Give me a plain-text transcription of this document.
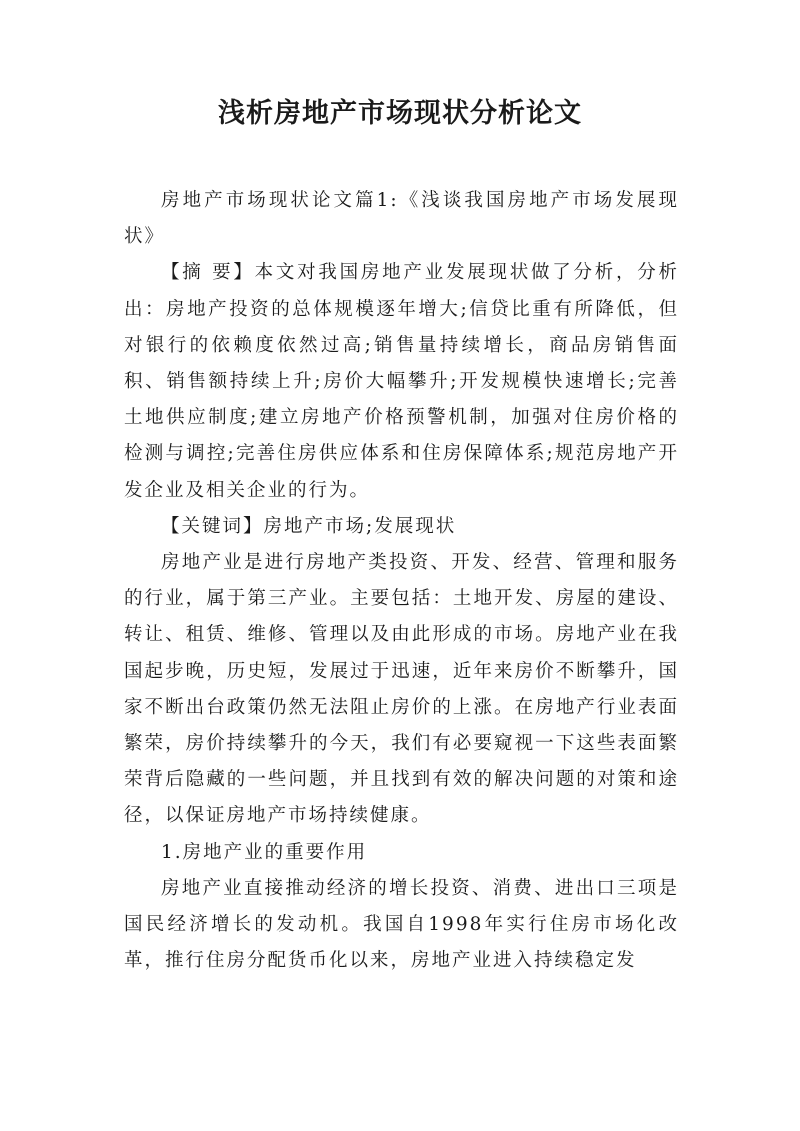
浅析房地产市场现状分析论文

房地产市场现状论文篇1:《浅谈我国房地产市场发展现状》

【摘 要】本文对我国房地产业发展现状做了分析，分析出：房地产投资的总体规模逐年增大;信贷比重有所降低，但对银行的依赖度依然过高;销售量持续增长，商品房销售面积、销售额持续上升;房价大幅攀升;开发规模快速增长;完善土地供应制度;建立房地产价格预警机制，加强对住房价格的检测与调控;完善住房供应体系和住房保障体系;规范房地产开发企业及相关企业的行为。

【关键词】房地产市场;发展现状

房地产业是进行房地产类投资、开发、经营、管理和服务的行业，属于第三产业。主要包括：土地开发、房屋的建设、转让、租赁、维修、管理以及由此形成的市场。房地产业在我国起步晚，历史短，发展过于迅速，近年来房价不断攀升，国家不断出台政策仍然无法阻止房价的上涨。在房地产行业表面繁荣，房价持续攀升的今天，我们有必要窥视一下这些表面繁荣背后隐藏的一些问题，并且找到有效的解决问题的对策和途径，以保证房地产市场持续健康。

1.房地产业的重要作用

房地产业直接推动经济的增长投资、消费、进出口三项是国民经济增长的发动机。我国自1998年实行住房市场化改革，推行住房分配货币化以来，房地产业进入持续稳定发
